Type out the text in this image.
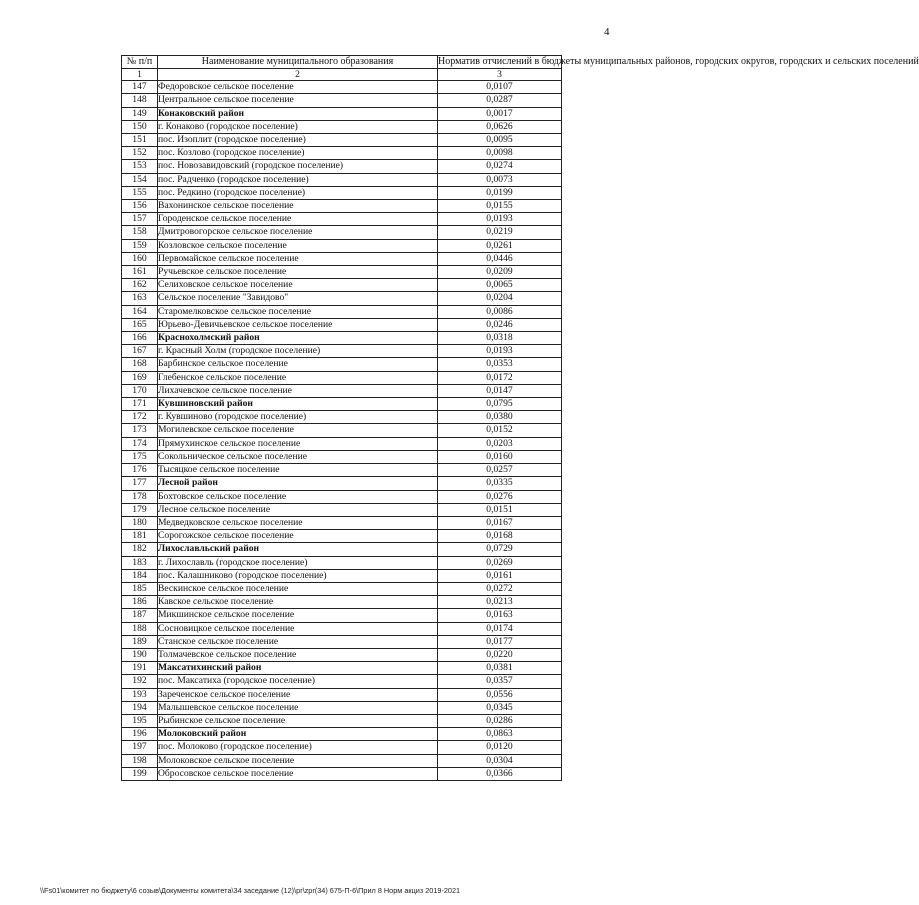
4
№ п/п	Наименование муниципального образования	Норматив отчислений в бюджеты муниципальных районов, городских округов, городских и сельских поселений
1	2	3
147	Федоровское сельское поселение	0,0107
148	Центральное сельское поселение	0,0287
149	Конаковский район	0,0017
150	г. Конаково (городское поселение)	0,0626
151	пос. Изоплит (городское поселение)	0,0095
152	пос. Козлово (городское поселение)	0,0098
153	пос. Новозавидовский (городское поселение)	0,0274
154	пос. Радченко (городское поселение)	0,0073
155	пос. Редкино (городское поселение)	0,0199
156	Вахонинское сельское поселение	0,0155
157	Городенское сельское поселение	0,0193
158	Дмитровогорское сельское поселение	0,0219
159	Козловское сельское поселение	0,0261
160	Первомайское сельское поселение	0,0446
161	Ручьевское сельское поселение	0,0209
162	Селиховское сельское поселение	0,0065
163	Сельское поселение "Завидово"	0,0204
164	Старомелковское сельское поселение	0,0086
165	Юрьево-Девичьевское сельское поселение	0,0246
166	Краснохолмский район	0,0318
167	г. Красный Холм (городское поселение)	0,0193
168	Барбинское сельское поселение	0,0353
169	Глебенское сельское поселение	0,0172
170	Лихачевское сельское поселение	0,0147
171	Кувшиновский район	0,0795
172	г. Кувшиново (городское поселение)	0,0380
173	Могилевское сельское поселение	0,0152
174	Прямухинское сельское поселение	0,0203
175	Сокольническое сельское поселение	0,0160
176	Тысяцкое сельское поселение	0,0257
177	Лесной район	0,0335
178	Бохтовское сельское поселение	0,0276
179	Лесное сельское поселение	0,0151
180	Медведковское сельское поселение	0,0167
181	Сорогожское сельское поселение	0,0168
182	Лихославльский район	0,0729
183	г. Лихославль (городское поселение)	0,0269
184	пос. Калашниково (городское поселение)	0,0161
185	Вескинское сельское поселение	0,0272
186	Кавское сельское поселение	0,0213
187	Микшинское сельское поселение	0,0163
188	Сосновицкое сельское поселение	0,0174
189	Станское сельское поселение	0,0177
190	Толмачевское сельское поселение	0,0220
191	Максатихинский район	0,0381
192	пос. Максатиха (городское поселение)	0,0357
193	Зареченское сельское поселение	0,0556
194	Малышевское сельское поселение	0,0345
195	Рыбинское сельское поселение	0,0286
196	Молоковский район	0,0863
197	пос. Молоково (городское поселение)	0,0120
198	Молоковское сельское поселение	0,0304
199	Обросовское сельское поселение	0,0366
\\Fs01\комитет по бюджету\6 созыв\Документы комитета\34 заседание (12)\pr\zpr(34) 675-П-6\Прил 8 Норм акциз 2019-2021
